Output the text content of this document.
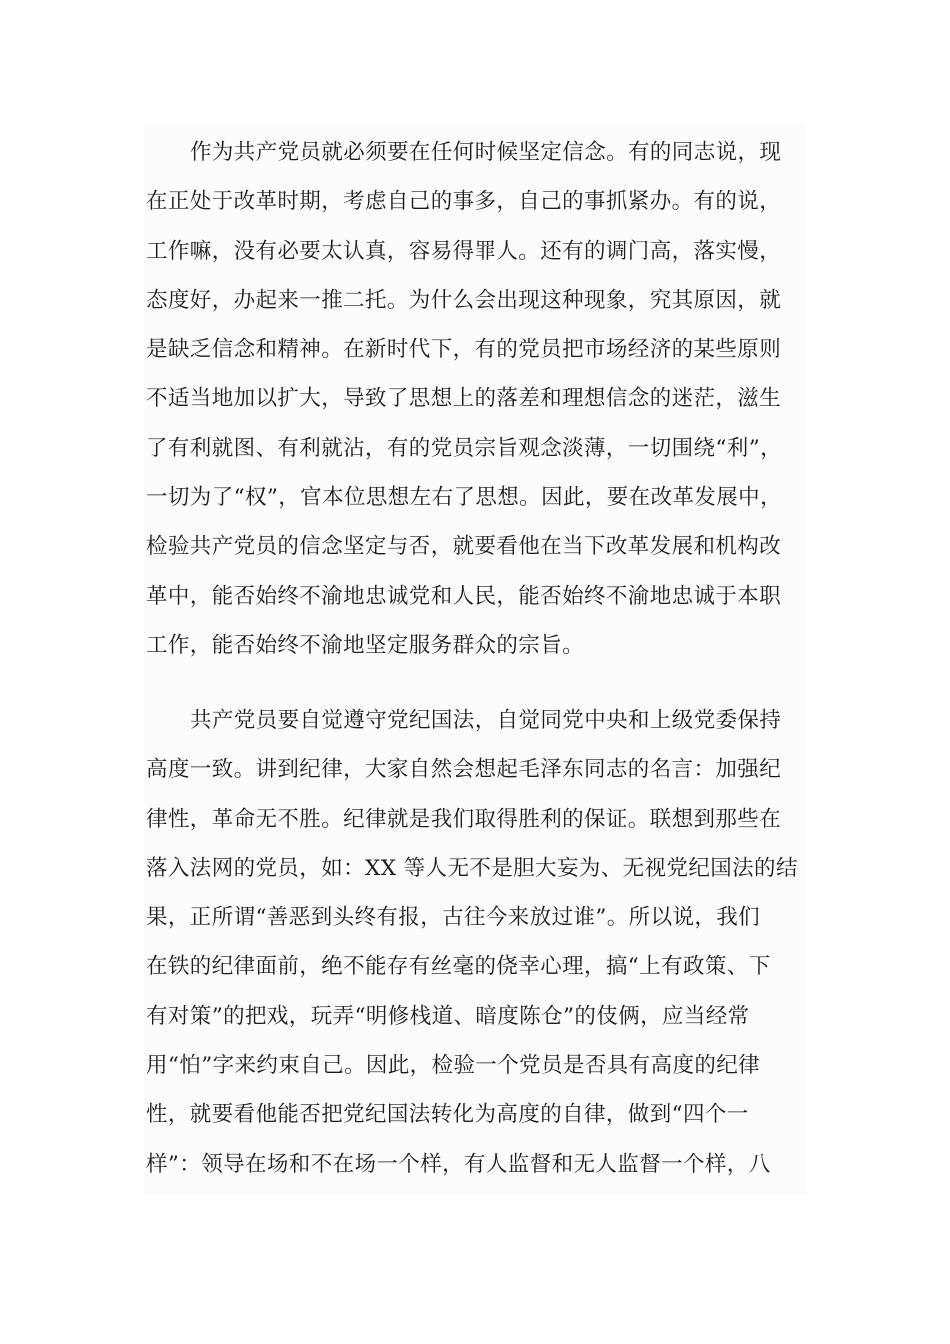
作为共产党员就必须要在任何时候坚定信念。有的同志说，现
在正处于改革时期，考虑自己的事多，自己的事抓紧办。有的说，
工作嘛，没有必要太认真，容易得罪人。还有的调门高，落实慢，
态度好，办起来一推二托。为什么会出现这种现象，究其原因，就
是缺乏信念和精神。在新时代下，有的党员把市场经济的某些原则
不适当地加以扩大，导致了思想上的落差和理想信念的迷茫，滋生
了有利就图、有利就沾，有的党员宗旨观念淡薄，一切围绕“利”，
一切为了“权”，官本位思想左右了思想。因此，要在改革发展中，
检验共产党员的信念坚定与否，就要看他在当下改革发展和机构改
革中，能否始终不渝地忠诚党和人民，能否始终不渝地忠诚于本职
工作，能否始终不渝地坚定服务群众的宗旨。
共产党员要自觉遵守党纪国法，自觉同党中央和上级党委保持
高度一致。讲到纪律，大家自然会想起毛泽东同志的名言：加强纪
律性，革命无不胜。纪律就是我们取得胜利的保证。联想到那些在
落入法网的党员，如：XX 等人无不是胆大妄为、无视党纪国法的结
果，正所谓“善恶到头终有报，古往今来放过谁”。所以说，我们
在铁的纪律面前，绝不能存有丝毫的侥幸心理，搞“上有政策、下
有对策”的把戏，玩弄“明修栈道、暗度陈仓”的伎俩，应当经常
用“怕”字来约束自己。因此，检验一个党员是否具有高度的纪律
性，就要看他能否把党纪国法转化为高度的自律，做到“四个一
样”：领导在场和不在场一个样，有人监督和无人监督一个样，八
